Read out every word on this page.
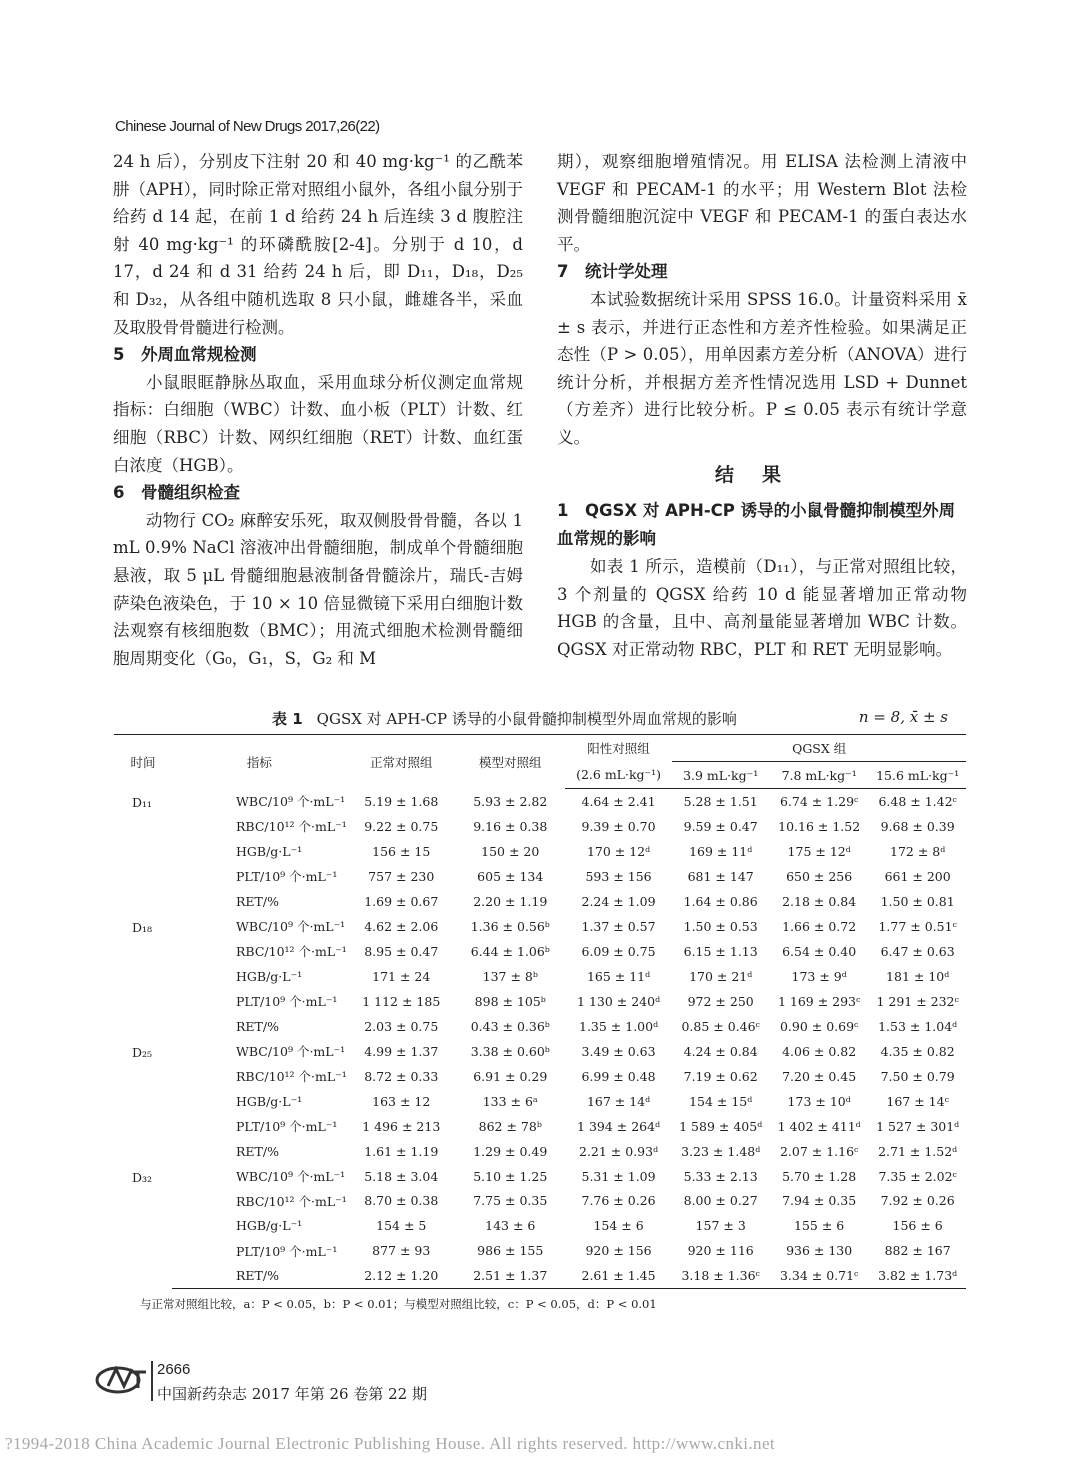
Chinese Journal of New Drugs 2017,26(22)

24 h 后），分别皮下注射 20 和 40 mg·kg⁻¹ 的乙酰苯肼（APH），同时除正常对照组小鼠外，各组小鼠分别于给药 d 14 起，在前 1 d 给药 24 h 后连续 3 d 腹腔注射 40 mg·kg⁻¹ 的环磷酰胺[2-4]。分别于 d 10，d 17，d 24 和 d 31 给药 24 h 后，即 D₁₁，D₁₈，D₂₅ 和 D₃₂，从各组中随机选取 8 只小鼠，雌雄各半，采血及取股骨骨髓进行检测。

5　外周血常规检测

小鼠眼眶静脉丛取血，采用血球分析仪测定血常规指标：白细胞（WBC）计数、血小板（PLT）计数、红细胞（RBC）计数、网织红细胞（RET）计数、血红蛋白浓度（HGB）。

6　骨髓组织检查

动物行 CO₂ 麻醉安乐死，取双侧股骨骨髓，各以 1 mL 0.9% NaCl 溶液冲出骨髓细胞，制成单个骨髓细胞悬液，取 5 μL 骨髓细胞悬液制备骨髓涂片，瑞氏-吉姆萨染色液染色，于 10 × 10 倍显微镜下采用白细胞计数法观察有核细胞数（BMC）；用流式细胞术检测骨髓细胞周期变化（G₀，G₁，S，G₂ 和 M

期），观察细胞增殖情况。用 ELISA 法检测上清液中 VEGF 和 PECAM-1 的水平；用 Western Blot 法检测骨髓细胞沉淀中 VEGF 和 PECAM-1 的蛋白表达水平。

7　统计学处理

本试验数据统计采用 SPSS 16.0。计量资料采用 x̄ ± s 表示，并进行正态性和方差齐性检验。如果满足正态性（P > 0.05），用单因素方差分析（ANOVA）进行统计分析，并根据方差齐性情况选用 LSD + Dunnet（方差齐）进行比较分析。P ≤ 0.05 表示有统计学意义。

结果
1　QGSX 对 APH-CP 诱导的小鼠骨髓抑制模型外周血常规的影响

如表 1 所示，造模前（D₁₁），与正常对照组比较，3 个剂量的 QGSX 给药 10 d 能显著增加正常动物 HGB 的含量，且中、高剂量能显著增加 WBC 计数。QGSX 对正常动物 RBC，PLT 和 RET 无明显影响。

表 1 QGSX 对 APH-CP 诱导的小鼠骨髓抑制模型外周血常规的影响	n = 8, x̄ ± s
时间	指标	正常对照组	模型对照组	阳性对照组	QGSX 组		
				(2.6 mL·kg⁻¹)	3.9 mL·kg⁻¹	7.8 mL·kg⁻¹	15.6 mL·kg⁻¹
D₁₁	WBC/10⁹ 个·mL⁻¹	5.19 ± 1.68	5.93 ± 2.82	4.64 ± 2.41	5.28 ± 1.51	6.74 ± 1.29ᶜ	6.48 ± 1.42ᶜ
	RBC/10¹² 个·mL⁻¹	9.22 ± 0.75	9.16 ± 0.38	9.39 ± 0.70	9.59 ± 0.47	10.16 ± 1.52	9.68 ± 0.39
	HGB/g·L⁻¹	156 ± 15	150 ± 20	170 ± 12ᵈ	169 ± 11ᵈ	175 ± 12ᵈ	172 ± 8ᵈ
	PLT/10⁹ 个·mL⁻¹	757 ± 230	605 ± 134	593 ± 156	681 ± 147	650 ± 256	661 ± 200
	RET/%	1.69 ± 0.67	2.20 ± 1.19	2.24 ± 1.09	1.64 ± 0.86	2.18 ± 0.84	1.50 ± 0.81
D₁₈	WBC/10⁹ 个·mL⁻¹	4.62 ± 2.06	1.36 ± 0.56ᵇ	1.37 ± 0.57	1.50 ± 0.53	1.66 ± 0.72	1.77 ± 0.51ᶜ
	RBC/10¹² 个·mL⁻¹	8.95 ± 0.47	6.44 ± 1.06ᵇ	6.09 ± 0.75	6.15 ± 1.13	6.54 ± 0.40	6.47 ± 0.63
	HGB/g·L⁻¹	171 ± 24	137 ± 8ᵇ	165 ± 11ᵈ	170 ± 21ᵈ	173 ± 9ᵈ	181 ± 10ᵈ
	PLT/10⁹ 个·mL⁻¹	1 112 ± 185	898 ± 105ᵇ	1 130 ± 240ᵈ	972 ± 250	1 169 ± 293ᶜ	1 291 ± 232ᶜ
	RET/%	2.03 ± 0.75	0.43 ± 0.36ᵇ	1.35 ± 1.00ᵈ	0.85 ± 0.46ᶜ	0.90 ± 0.69ᶜ	1.53 ± 1.04ᵈ
D₂₅	WBC/10⁹ 个·mL⁻¹	4.99 ± 1.37	3.38 ± 0.60ᵇ	3.49 ± 0.63	4.24 ± 0.84	4.06 ± 0.82	4.35 ± 0.82
	RBC/10¹² 个·mL⁻¹	8.72 ± 0.33	6.91 ± 0.29	6.99 ± 0.48	7.19 ± 0.62	7.20 ± 0.45	7.50 ± 0.79
	HGB/g·L⁻¹	163 ± 12	133 ± 6ᵃ	167 ± 14ᵈ	154 ± 15ᵈ	173 ± 10ᵈ	167 ± 14ᶜ
	PLT/10⁹ 个·mL⁻¹	1 496 ± 213	862 ± 78ᵇ	1 394 ± 264ᵈ	1 589 ± 405ᵈ	1 402 ± 411ᵈ	1 527 ± 301ᵈ
	RET/%	1.61 ± 1.19	1.29 ± 0.49	2.21 ± 0.93ᵈ	3.23 ± 1.48ᵈ	2.07 ± 1.16ᶜ	2.71 ± 1.52ᵈ
D₃₂	WBC/10⁹ 个·mL⁻¹	5.18 ± 3.04	5.10 ± 1.25	5.31 ± 1.09	5.33 ± 2.13	5.70 ± 1.28	7.35 ± 2.02ᶜ
	RBC/10¹² 个·mL⁻¹	8.70 ± 0.38	7.75 ± 0.35	7.76 ± 0.26	8.00 ± 0.27	7.94 ± 0.35	7.92 ± 0.26
	HGB/g·L⁻¹	154 ± 5	143 ± 6	154 ± 6	157 ± 3	155 ± 6	156 ± 6
	PLT/10⁹ 个·mL⁻¹	877 ± 93	986 ± 155	920 ± 156	920 ± 116	936 ± 130	882 ± 167
	RET/%	2.12 ± 1.20	2.51 ± 1.37	2.61 ± 1.45	3.18 ± 1.36ᶜ	3.34 ± 0.71ᶜ	3.82 ± 1.73ᵈ
与正常对照组比较，a：P < 0.05，b：P < 0.01；与模型对照组比较，c：P < 0.05，d：P < 0.01
2666
中国新药杂志 2017 年第 26 卷第 22 期
?1994-2018 China Academic Journal Electronic Publishing House. All rights reserved. http://www.cnki.net
